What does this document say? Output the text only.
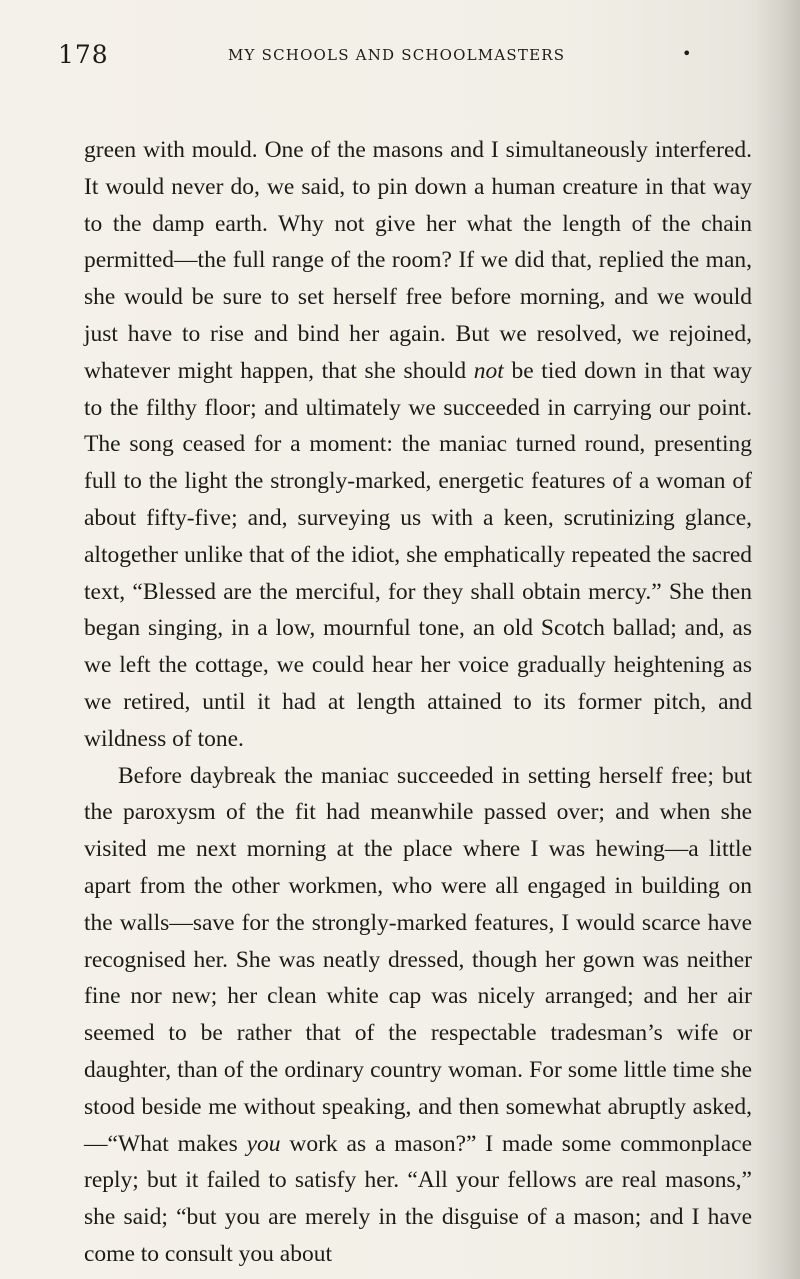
178	MY SCHOOLS AND SCHOOLMASTERS	•

green with mould. One of the masons and I simultaneously interfered. It would never do, we said, to pin down a human creature in that way to the damp earth. Why not give her what the length of the chain permitted—the full range of the room? If we did that, replied the man, she would be sure to set herself free before morning, and we would just have to rise and bind her again. But we resolved, we rejoined, whatever might happen, that she should not be tied down in that way to the filthy floor; and ultimately we succeeded in carrying our point. The song ceased for a moment: the maniac turned round, presenting full to the light the strongly-marked, energetic features of a woman of about fifty-five; and, surveying us with a keen, scrutinizing glance, altogether unlike that of the idiot, she emphatically repeated the sacred text, “Blessed are the merciful, for they shall obtain mercy.” She then began singing, in a low, mournful tone, an old Scotch ballad; and, as we left the cottage, we could hear her voice gradually heightening as we retired, until it had at length attained to its former pitch, and wildness of tone.

Before daybreak the maniac succeeded in setting herself free; but the paroxysm of the fit had meanwhile passed over; and when she visited me next morning at the place where I was hewing—a little apart from the other workmen, who were all engaged in building on the walls—save for the strongly-marked features, I would scarce have recognised her. She was neatly dressed, though her gown was neither fine nor new; her clean white cap was nicely arranged; and her air seemed to be rather that of the respectable tradesman’s wife or daughter, than of the ordinary country woman. For some little time she stood beside me without speaking, and then somewhat abruptly asked,—“What makes you work as a mason?” I made some commonplace reply; but it failed to satisfy her. “All your fellows are real masons,” she said; “but you are merely in the disguise of a mason; and I have come to consult you about
